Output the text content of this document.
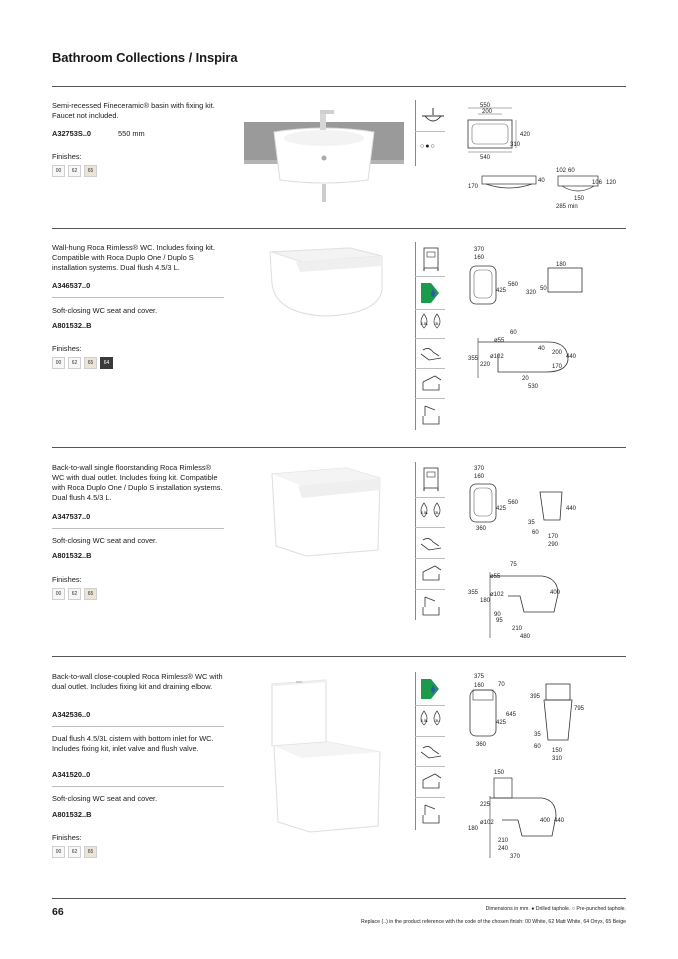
Bathroom Collections / Inspira
Semi-recessed Fineceramic® basin with fixing kit. Faucet not included.
A32753S..0	550 mm
Finishes:
00	62	65
○●○
550
200
310
420
540
170
40
102 60
106 120
150
285 min
Wall-hung Roca Rimless® WC. Includes fixing kit. Compatible with Roca Duplo One / Duplo S installation systems. Dual flush 4.5/3 L.
A346537..0
Soft-closing WC seat and cover.
A801532..B
Finishes:
00	62	65	64
4.5L 3L
370
160
425
560
180
320
50
60
ø55
ø102
355
220
40
200
440
170
20
530
Back-to-wall single floorstanding Roca Rimless® WC with dual outlet. Includes fixing kit. Compatible with Roca Duplo One / Duplo S installation systems. Dual flush 4.5/3 L.
A347537..0
Soft-closing WC seat and cover.
A801532..B
Finishes:
00	62	65
4.5L 3L
370
160
425
560
360
440
35
60
170
290
75
ø55
ø102
355
180
400
90
95
210
480
Back-to-wall close-coupled Roca Rimless® WC with dual outlet. Includes fixing kit and draining elbow.
A342536..0
Dual flush 4.5/3L cistern with bottom inlet for WC. Includes fixing kit, inlet valve and flush valve.
A341520..0
Soft-closing WC seat and cover.
A801532..B
Finishes:
00	62	65
4.5L 3L
375
160 70
395
795
645
425
360
35
60
150
310
150
225
ø102
180
400 440
210
240
370
66	Dimensions in mm. ● Drilled taphole. ○ Pre-punched taphole.
Replace (..) in the product reference with the code of the chosen finish: 00 White, 62 Matt White, 64 Onyx, 65 Beige
